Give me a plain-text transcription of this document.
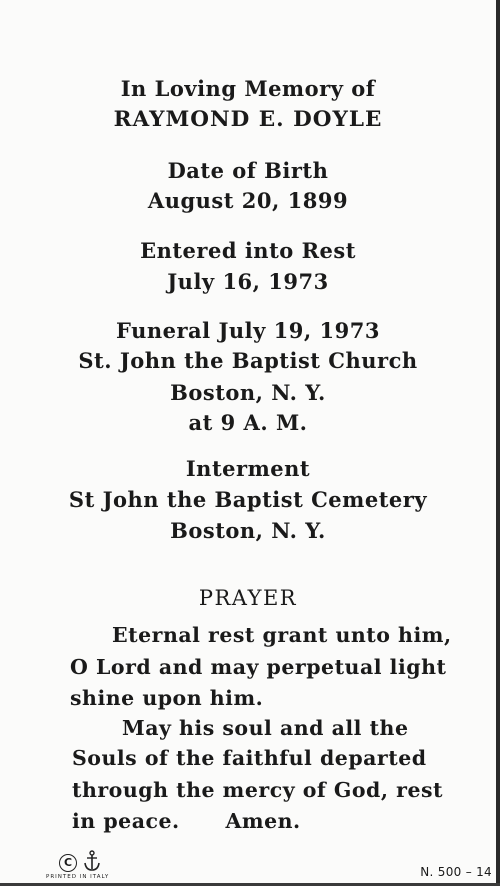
In Loving Memory of
RAYMOND E. DOYLE
Date of Birth
August 20, 1899
Entered into Rest
July 16, 1973
Funeral July 19, 1973
St. John the Baptist Church
Boston, N. Y.
at 9 A. M.
Interment
St John the Baptist Cemetery
Boston, N. Y.
PRAYER
Eternal rest grant unto him,
O Lord and may perpetual light
shine upon him.
May his soul and all the
Souls of the faithful departed
through the mercy of God, rest
in peace.      Amen.
C
PRINTED IN ITALY	N. 500 – 14
